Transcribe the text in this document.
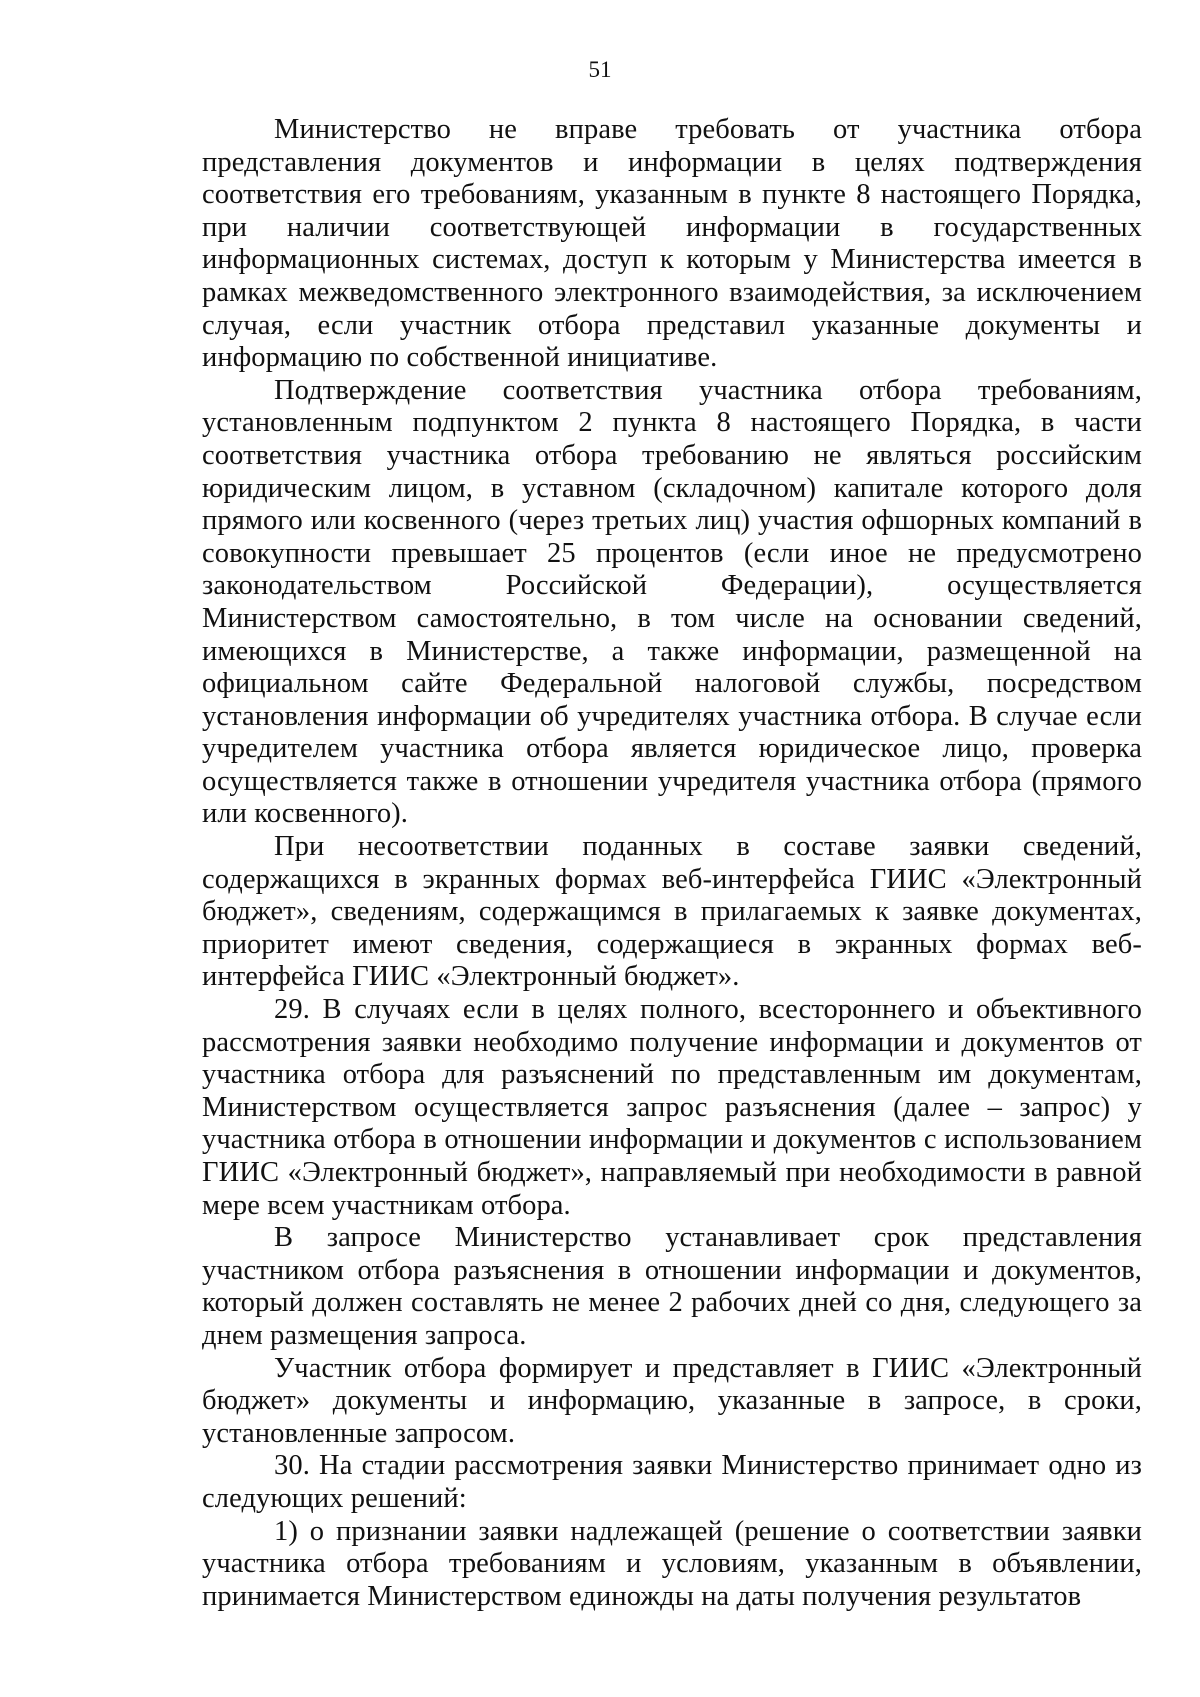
51

Министерство не вправе требовать от участника отбора представления документов и информации в целях подтверждения соответствия его требованиям, указанным в пункте 8 настоящего Порядка, при наличии соответствующей информации в государственных информационных системах, доступ к которым у Министерства имеется в рамках межведомственного электронного взаимодействия, за исключением случая, если участник отбора представил указанные документы и информацию по собственной инициативе.

Подтверждение соответствия участника отбора требованиям, установленным подпунктом 2 пункта 8 настоящего Порядка, в части соответствия участника отбора требованию не являться российским юридическим лицом, в уставном (складочном) капитале которого доля прямого или косвенного (через третьих лиц) участия офшорных компаний в совокупности превышает 25 процентов (если иное не предусмотрено законодательством Российской Федерации), осуществляется Министерством самостоятельно, в том числе на основании сведений, имеющихся в Министерстве, а также информации, размещенной на официальном сайте Федеральной налоговой службы, посредством установления информации об учредителях участника отбора. В случае если учредителем участника отбора является юридическое лицо, проверка осуществляется также в отношении учредителя участника отбора (прямого или косвенного).

При несоответствии поданных в составе заявки сведений, содержащихся в экранных формах веб-интерфейса ГИИС «Электронный бюджет», сведениям, содержащимся в прилагаемых к заявке документах, приоритет имеют сведения, содержащиеся в экранных формах веб-интерфейса ГИИС «Электронный бюджет».

29. В случаях если в целях полного, всестороннего и объективного рассмотрения заявки необходимо получение информации и документов от участника отбора для разъяснений по представленным им документам, Министерством осуществляется запрос разъяснения (далее – запрос) у участника отбора в отношении информации и документов с использованием ГИИС «Электронный бюджет», направляемый при необходимости в равной мере всем участникам отбора.

В запросе Министерство устанавливает срок представления участником отбора разъяснения в отношении информации и документов, который должен составлять не менее 2 рабочих дней со дня, следующего за днем размещения запроса.

Участник отбора формирует и представляет в ГИИС «Электронный бюджет» документы и информацию, указанные в запросе, в сроки, установленные запросом.

30. На стадии рассмотрения заявки Министерство принимает одно из следующих решений:

1) о признании заявки надлежащей (решение о соответствии заявки участника отбора требованиям и условиям, указанным в объявлении, принимается Министерством единожды на даты получения результатов
